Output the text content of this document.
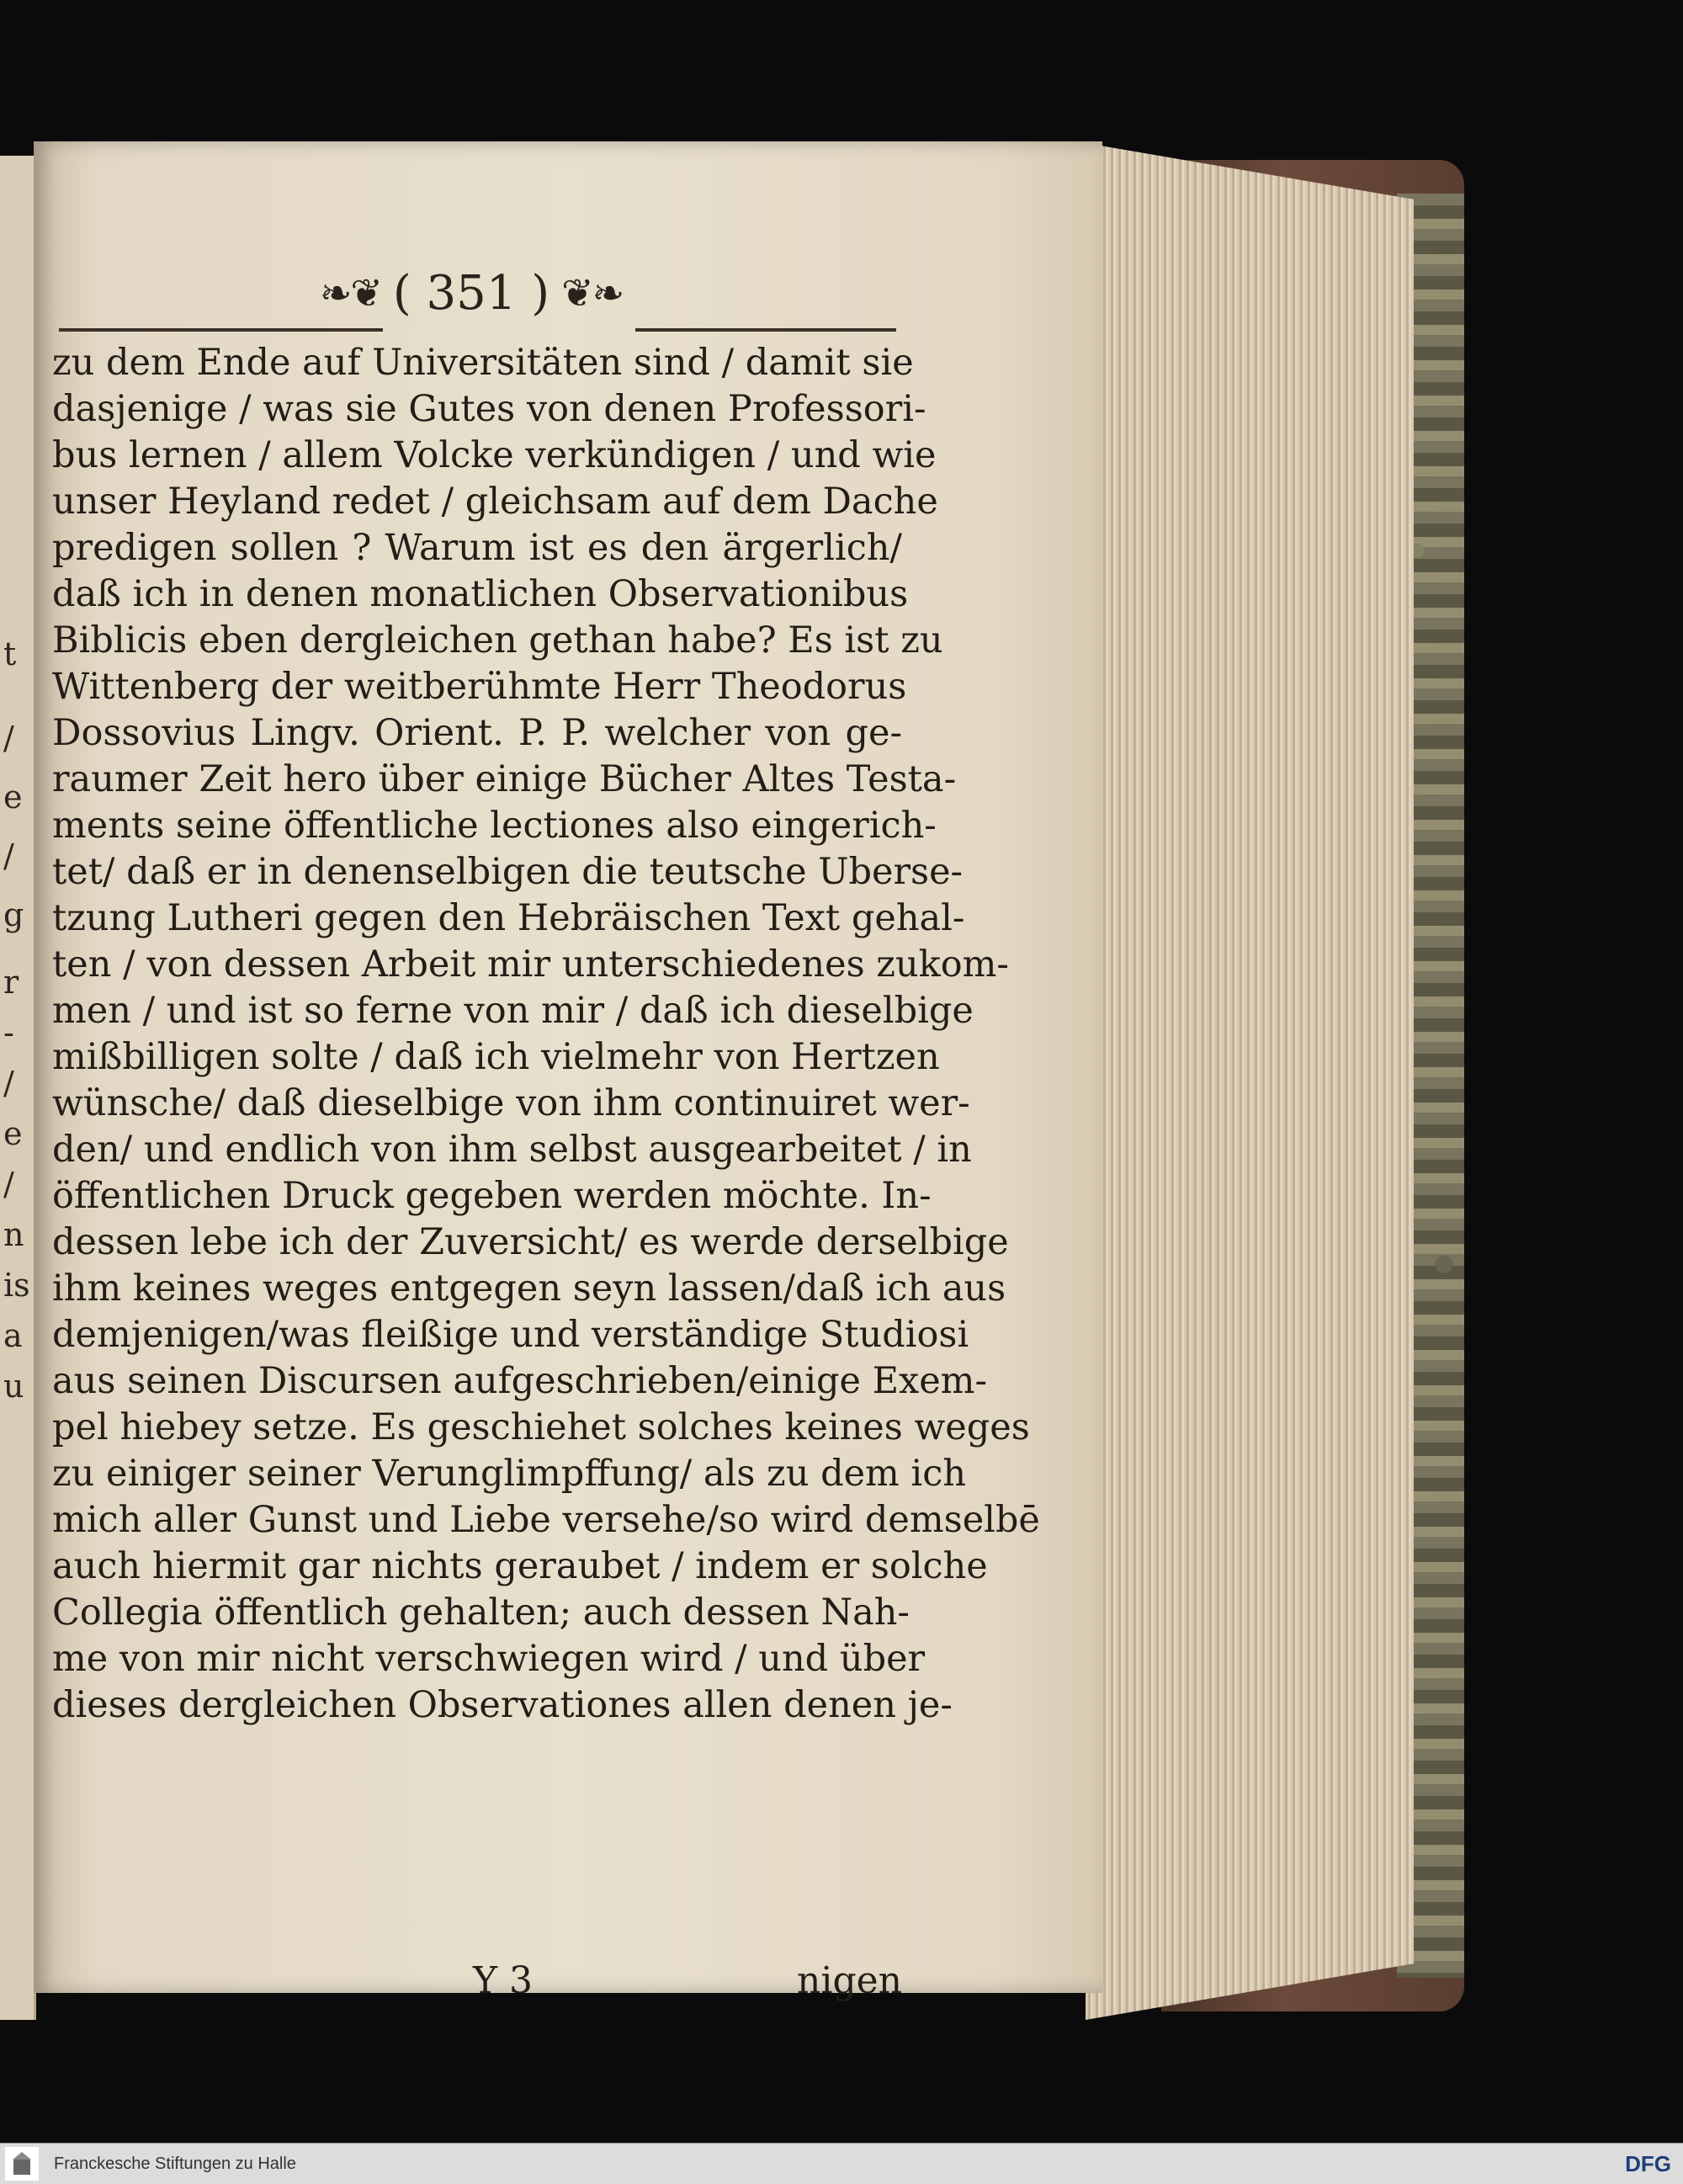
t
/
e
/
g
r
-
/
e
/
n
is
a
u
❧❦ ( 351 ) ❦❧
zu dem Ende auf Universitäten sind / damit sie
dasjenige / was sie Gutes von denen Professori-
bus lernen / allem Volcke verkündigen / und wie
unser Heyland redet / gleichsam auf dem Dache
predigen sollen ? Warum ist es den ärgerlich/
daß ich in denen monatlichen Observationibus
Biblicis eben dergleichen gethan habe? Es ist zu
Wittenberg der weitberühmte Herr Theodorus
Dossovius Lingv. Orient. P. P. welcher von ge-
raumer Zeit hero über einige Bücher Altes Testa-
ments seine öffentliche lectiones also eingerich-
tet/ daß er in denenselbigen die teutsche Uberse-
tzung Lutheri gegen den Hebräischen Text gehal-
ten / von dessen Arbeit mir unterschiedenes zukom-
men / und ist so ferne von mir / daß ich dieselbige
mißbilligen solte / daß ich vielmehr von Hertzen
wünsche/ daß dieselbige von ihm continuiret wer-
den/ und endlich von ihm selbst ausgearbeitet / in
öffentlichen Druck gegeben werden möchte. In-
dessen lebe ich der Zuversicht/ es werde derselbige
ihm keines weges entgegen seyn lassen/daß ich aus
demjenigen/was fleißige und verständige Studiosi
aus seinen Discursen aufgeschrieben/einige Exem-
pel hiebey setze. Es geschiehet solches keines weges
zu einiger seiner Verunglimpffung/ als zu dem ich
mich aller Gunst und Liebe versehe/so wird demselbē
auch hiermit gar nichts geraubet / indem er solche
Collegia öffentlich gehalten; auch dessen Nah-
me von mir nicht verschwiegen wird / und über
dieses dergleichen Observationes allen denen je-
Y 3	nigen
Franckesche Stiftungen zu Halle	DFG
